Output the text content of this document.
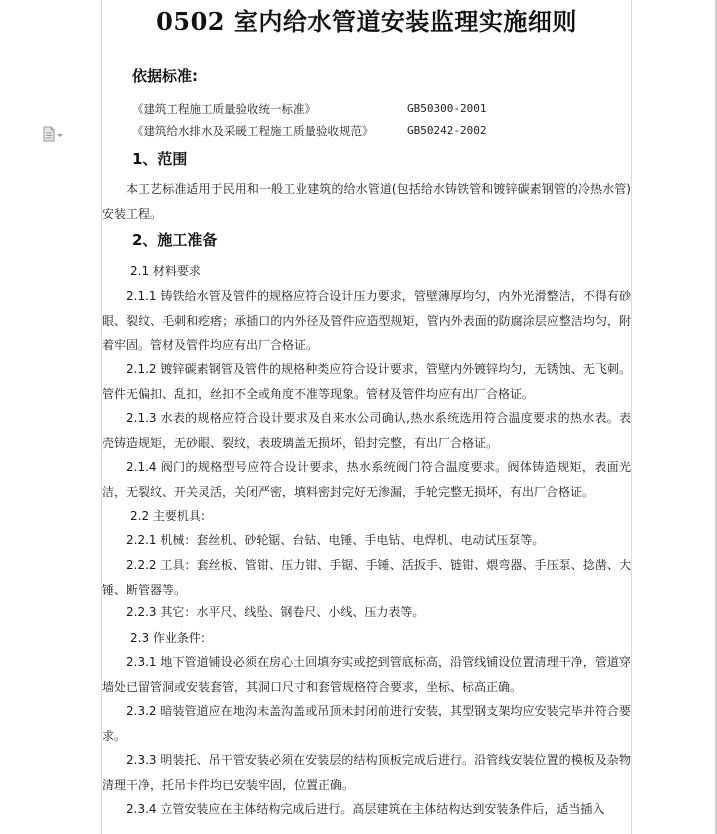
0502 室内给水管道安装监理实施细则
依据标准:
《建筑工程施工质量验收统一标准》	GB50300-2001
《建筑给水排水及采暖工程施工质量验收规范》	GB50242-2002
1、范围
本工艺标准适用于民用和一般工业建筑的给水管道(包括给水铸铁管和镀锌碳素钢管的冷热水管)安装工程。
2、施工准备
2.1 材料要求
2.1.1 铸铁给水管及管件的规格应符合设计压力要求，管壁薄厚均匀，内外光滑整洁，不得有砂眼、裂纹、毛刺和疙瘩；承插口的内外径及管件应造型规矩，管内外表面的防腐涂层应整洁均匀，附着牢固。管材及管件均应有出厂合格证。
2.1.2 镀锌碳素钢管及管件的规格种类应符合设计要求，管壁内外镀锌均匀，无锈蚀、无飞刺。管件无偏扣、乱扣，丝扣不全或角度不准等现象。管材及管件均应有出厂合格证。
2.1.3 水表的规格应符合设计要求及自来水公司确认,热水系统选用符合温度要求的热水表。表壳铸造规矩，无砂眼、裂纹，表玻璃盖无损坏，铅封完整，有出厂合格证。
2.1.4 阀门的规格型号应符合设计要求，热水系统阀门符合温度要求。阀体铸造规矩，表面光洁，无裂纹、开关灵活，关闭严密，填料密封完好无渗漏，手轮完整无损坏，有出厂合格证。
2.2 主要机具:
2.2.1 机械：套丝机、砂轮锯、台钻、电锤、手电钻、电焊机、电动试压泵等。
2.2.2 工具：套丝板、管钳、压力钳、手锯、手锤、活扳手、链钳、煨弯器、手压泵、捻凿、大锤、断管器等。
2.2.3 其它：水平尺、线坠、钢卷尺、小线、压力表等。
2.3 作业条件:
2.3.1 地下管道铺设必须在房心土回填夯实或挖到管底标高，沿管线铺设位置清理干净，管道穿墙处已留管洞或安装套管，其洞口尺寸和套管规格符合要求，坐标、标高正确。
2.3.2 暗装管道应在地沟未盖沟盖或吊顶未封闭前进行安装，其型钢支架均应安装完毕并符合要求。
2.3.3 明装托、吊干管安装必须在安装层的结构顶板完成后进行。沿管线安装位置的模板及杂物清理干净，托吊卡件均已安装牢固，位置正确。
2.3.4 立管安装应在主体结构完成后进行。高层建筑在主体结构达到安装条件后，适当插入
